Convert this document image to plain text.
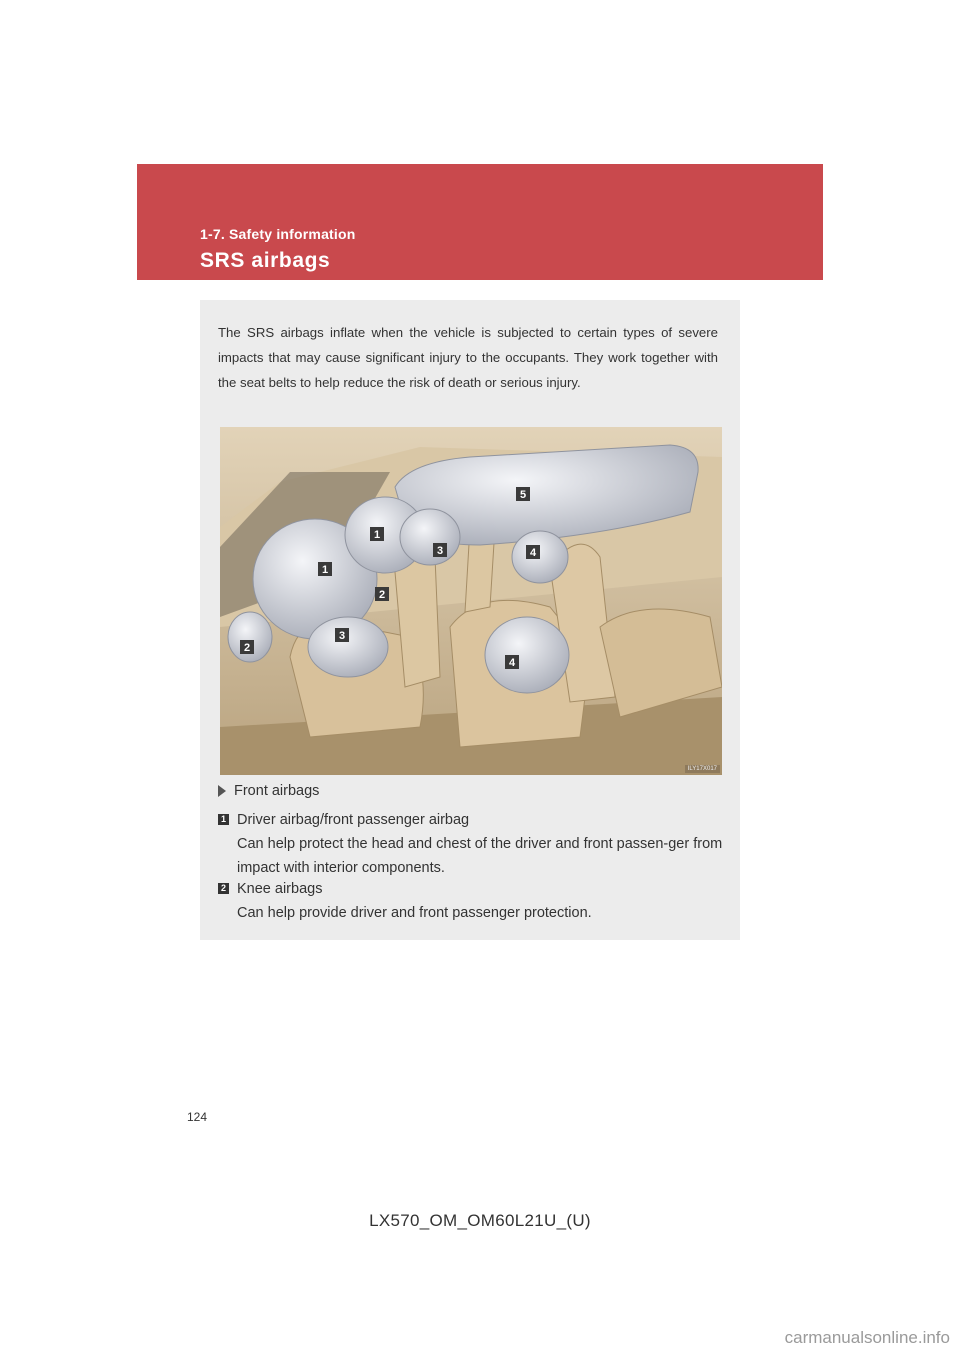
1-7. Safety information
SRS airbags

The SRS airbags inflate when the vehicle is subjected to certain types of severe impacts that may cause significant injury to the occupants. They work together with the seat belts to help reduce the risk of death or serious injury.

1
1
2
2
3
3
4
4
5
ILY17X017
Front airbags
1 Driver airbag/front passenger airbag
Can help protect the head and chest of the driver and front passen-ger from impact with interior components.
2 Knee airbags
Can help provide driver and front passenger protection.
124
LX570_OM_OM60L21U_(U)
carmanualsonline.info
